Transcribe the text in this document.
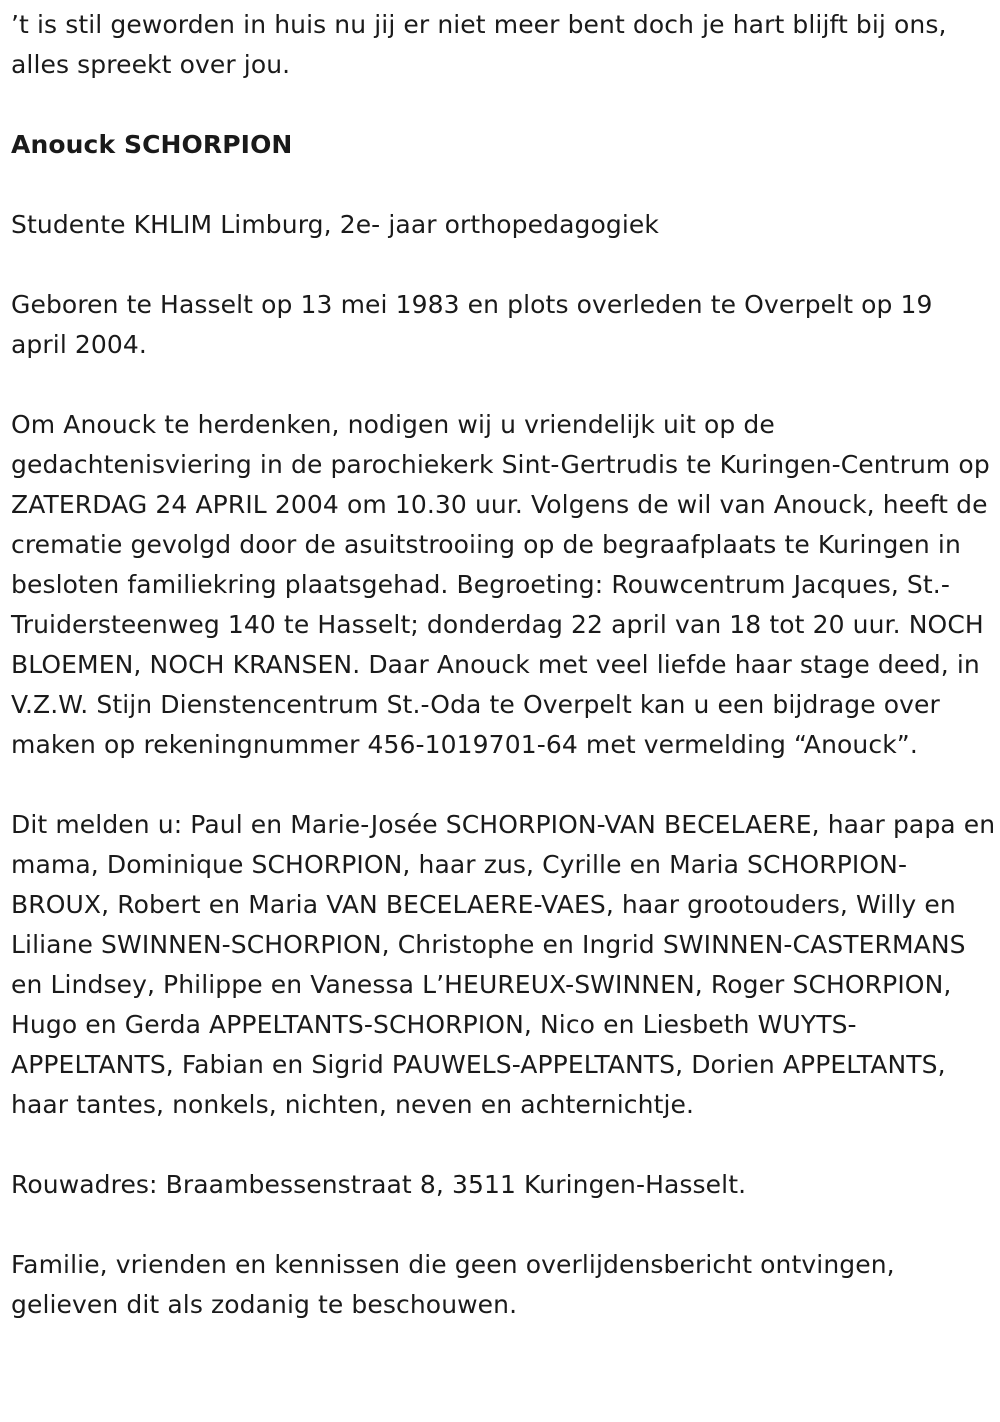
’t is stil geworden in huis nu jij er niet meer bent doch je hart blijft bij ons, alles spreekt over jou.

Anouck SCHORPION

Studente KHLIM Limburg, 2e- jaar orthopedagogiek

Geboren te Hasselt op 13 mei 1983 en plots overleden te Overpelt op 19 april 2004.

Om Anouck te herdenken, nodigen wij u vriendelijk uit op de gedachtenisviering in de parochiekerk Sint-Gertrudis te Kuringen-Centrum op ZATERDAG 24 APRIL 2004 om 10.30 uur. Volgens de wil van Anouck, heeft de crematie gevolgd door de asuitstrooiing op de begraafplaats te Kuringen in besloten familiekring plaatsgehad. Begroeting: Rouwcentrum Jacques, St.-Truidersteenweg 140 te Hasselt; donderdag 22 april van 18 tot 20 uur. NOCH BLOEMEN, NOCH KRANSEN. Daar Anouck met veel liefde haar stage deed, in V.Z.W. Stijn Dienstencentrum St.-Oda te Overpelt kan u een bijdrage over maken op rekeningnummer 456-1019701-64 met vermelding “Anouck”.

Dit melden u: Paul en Marie-Josée SCHORPION-VAN BECELAERE, haar papa en mama, Dominique SCHORPION, haar zus, Cyrille en Maria SCHORPION-BROUX, Robert en Maria VAN BECELAERE-VAES, haar grootouders, Willy en Liliane SWINNEN-SCHORPION, Christophe en Ingrid SWINNEN-CASTERMANS en Lindsey, Philippe en Vanessa L’HEUREUX-SWINNEN, Roger SCHORPION, Hugo en Gerda APPELTANTS-SCHORPION, Nico en Liesbeth WUYTS-APPELTANTS, Fabian en Sigrid PAUWELS-APPELTANTS, Dorien APPELTANTS, haar tantes, nonkels, nichten, neven en achternichtje.

Rouwadres: Braambessenstraat 8, 3511 Kuringen-Hasselt.

Familie, vrienden en kennissen die geen overlijdensbericht ontvingen, gelieven dit als zodanig te beschouwen.
